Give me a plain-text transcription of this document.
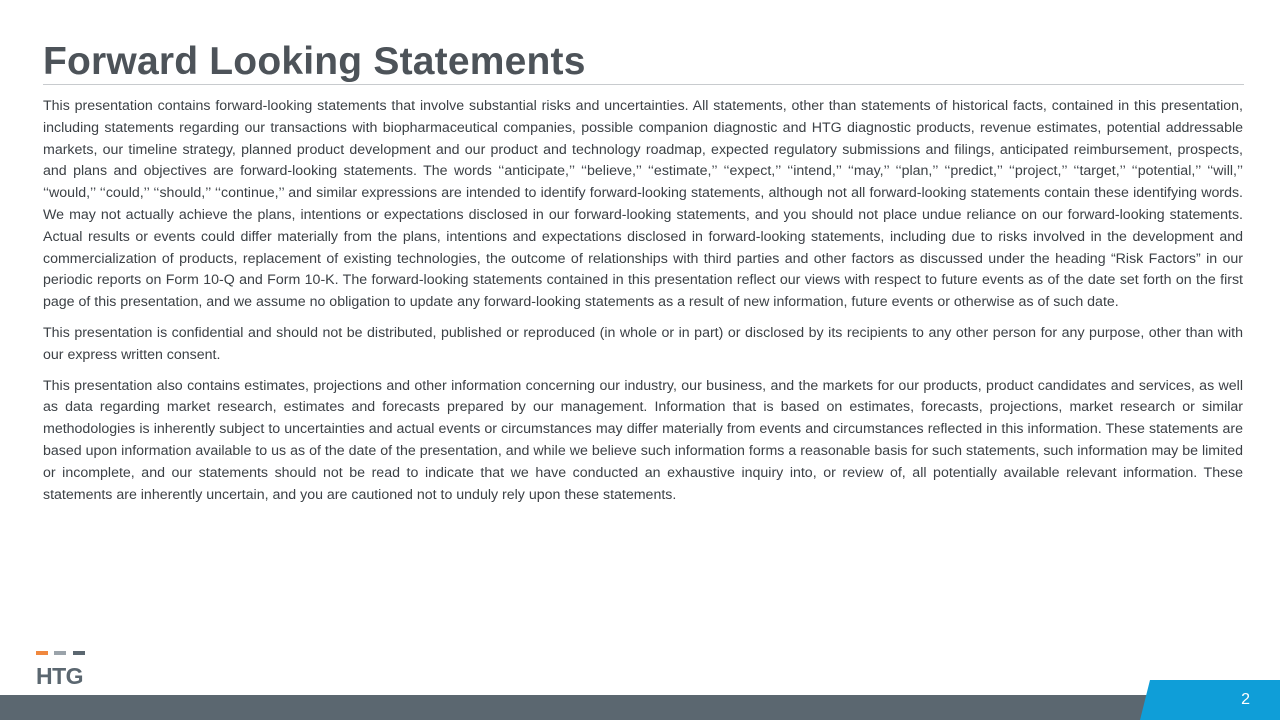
Forward Looking Statements

This presentation contains forward-looking statements that involve substantial risks and uncertainties. All statements, other than statements of historical facts, contained in this presentation, including statements regarding our transactions with biopharmaceutical companies, possible companion diagnostic and HTG diagnostic products, revenue estimates, potential addressable markets, our timeline strategy, planned product development and our product and technology roadmap, expected regulatory submissions and filings, anticipated reimbursement, prospects, and plans and objectives are forward-looking statements. The words ‘‘anticipate,’’ ‘‘believe,’’ ‘‘estimate,’’ ‘‘expect,’’ ‘‘intend,’’ ‘‘may,’’ ‘‘plan,’’ ‘‘predict,’’ ‘‘project,’’ ‘‘target,’’ ‘‘potential,’’ ‘‘will,’’ ‘‘would,’’ ‘‘could,’’ ‘‘should,’’ ‘‘continue,’’ and similar expressions are intended to identify forward-looking statements, although not all forward-looking statements contain these identifying words. We may not actually achieve the plans, intentions or expectations disclosed in our forward-looking statements, and you should not place undue reliance on our forward-looking statements. Actual results or events could differ materially from the plans, intentions and expectations disclosed in forward-looking statements, including due to risks involved in the development and commercialization of products, replacement of existing technologies, the outcome of relationships with third parties and other factors as discussed under the heading “Risk Factors” in our periodic reports on Form 10-Q and Form 10-K. The forward-looking statements contained in this presentation reflect our views with respect to future events as of the date set forth on the first page of this presentation, and we assume no obligation to update any forward-looking statements as a result of new information, future events or otherwise as of such date.

This presentation is confidential and should not be distributed, published or reproduced (in whole or in part) or disclosed by its recipients to any other person for any purpose, other than with our express written consent.

This presentation also contains estimates, projections and other information concerning our industry, our business, and the markets for our products, product candidates and services, as well as data regarding market research, estimates and forecasts prepared by our management. Information that is based on estimates, forecasts, projections, market research or similar methodologies is inherently subject to uncertainties and actual events or circumstances may differ materially from events and circumstances reflected in this information. These statements are based upon information available to us as of the date of the presentation, and while we believe such information forms a reasonable basis for such statements, such information may be limited or incomplete, and our statements should not be read to indicate that we have conducted an exhaustive inquiry into, or review of, all potentially available relevant information. These statements are inherently uncertain, and you are cautioned not to unduly rely upon these statements.

HTG
2
